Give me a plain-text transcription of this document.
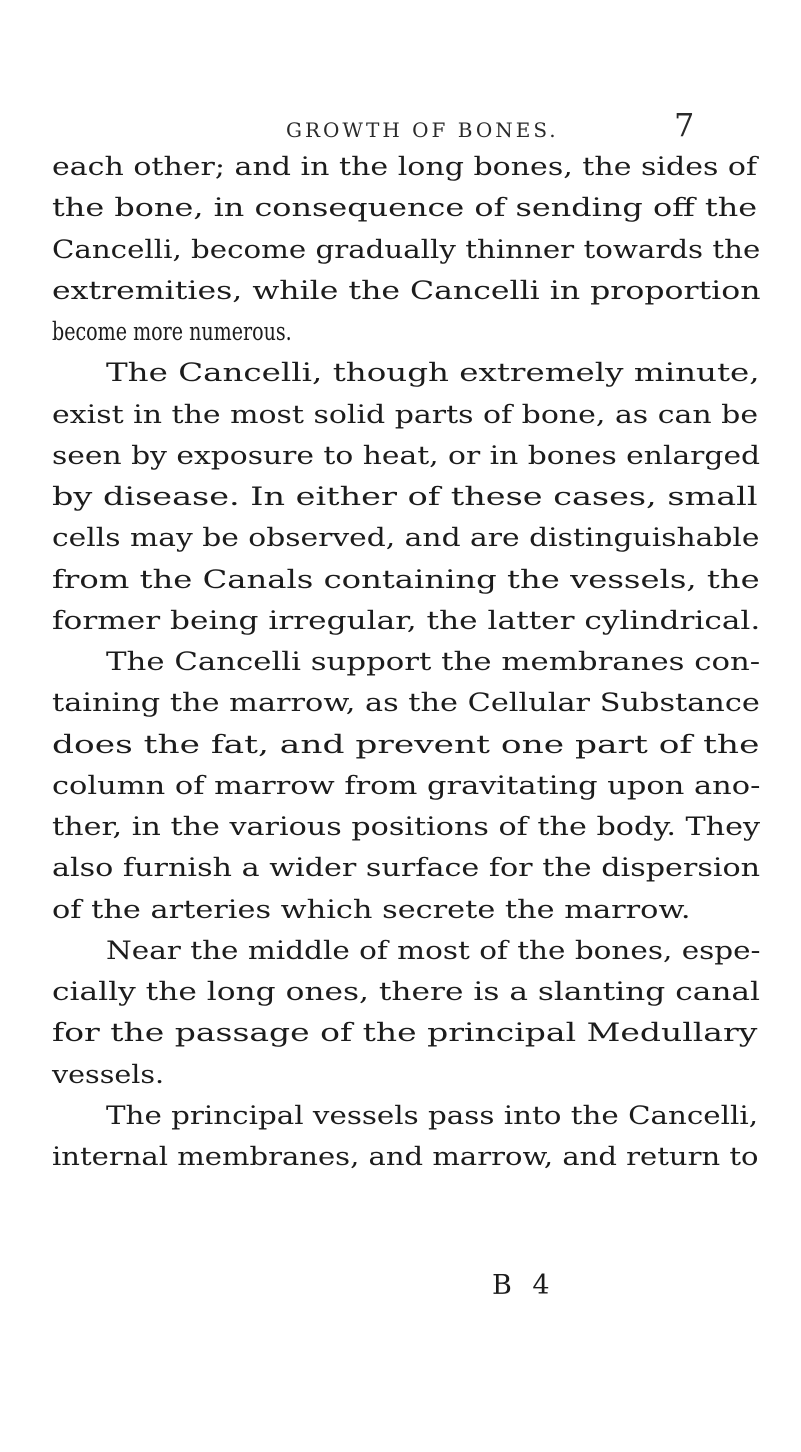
GROWTH OF BONES.	7
each other; and in the long bones, the sides of
the bone, in consequence of sending off the
Cancelli, become gradually thinner towards the
extremities, while the Cancelli in proportion
become more numerous.
The Cancelli, though extremely minute,
exist in the most solid parts of bone, as can be
seen by exposure to heat, or in bones enlarged
by disease. In either of these cases, small
cells may be observed, and are distinguishable
from the Canals containing the vessels, the
former being irregular, the latter cylindrical.
The Cancelli support the membranes con-
taining the marrow, as the Cellular Substance
does the fat, and prevent one part of the
column of marrow from gravitating upon ano-
ther, in the various positions of the body. They
also furnish a wider surface for the dispersion
of the arteries which secrete the marrow.
Near the middle of most of the bones, espe-
cially the long ones, there is a slanting canal
for the passage of the principal Medullary
vessels.
The principal vessels pass into the Cancelli,
internal membranes, and marrow, and return to
B 4
